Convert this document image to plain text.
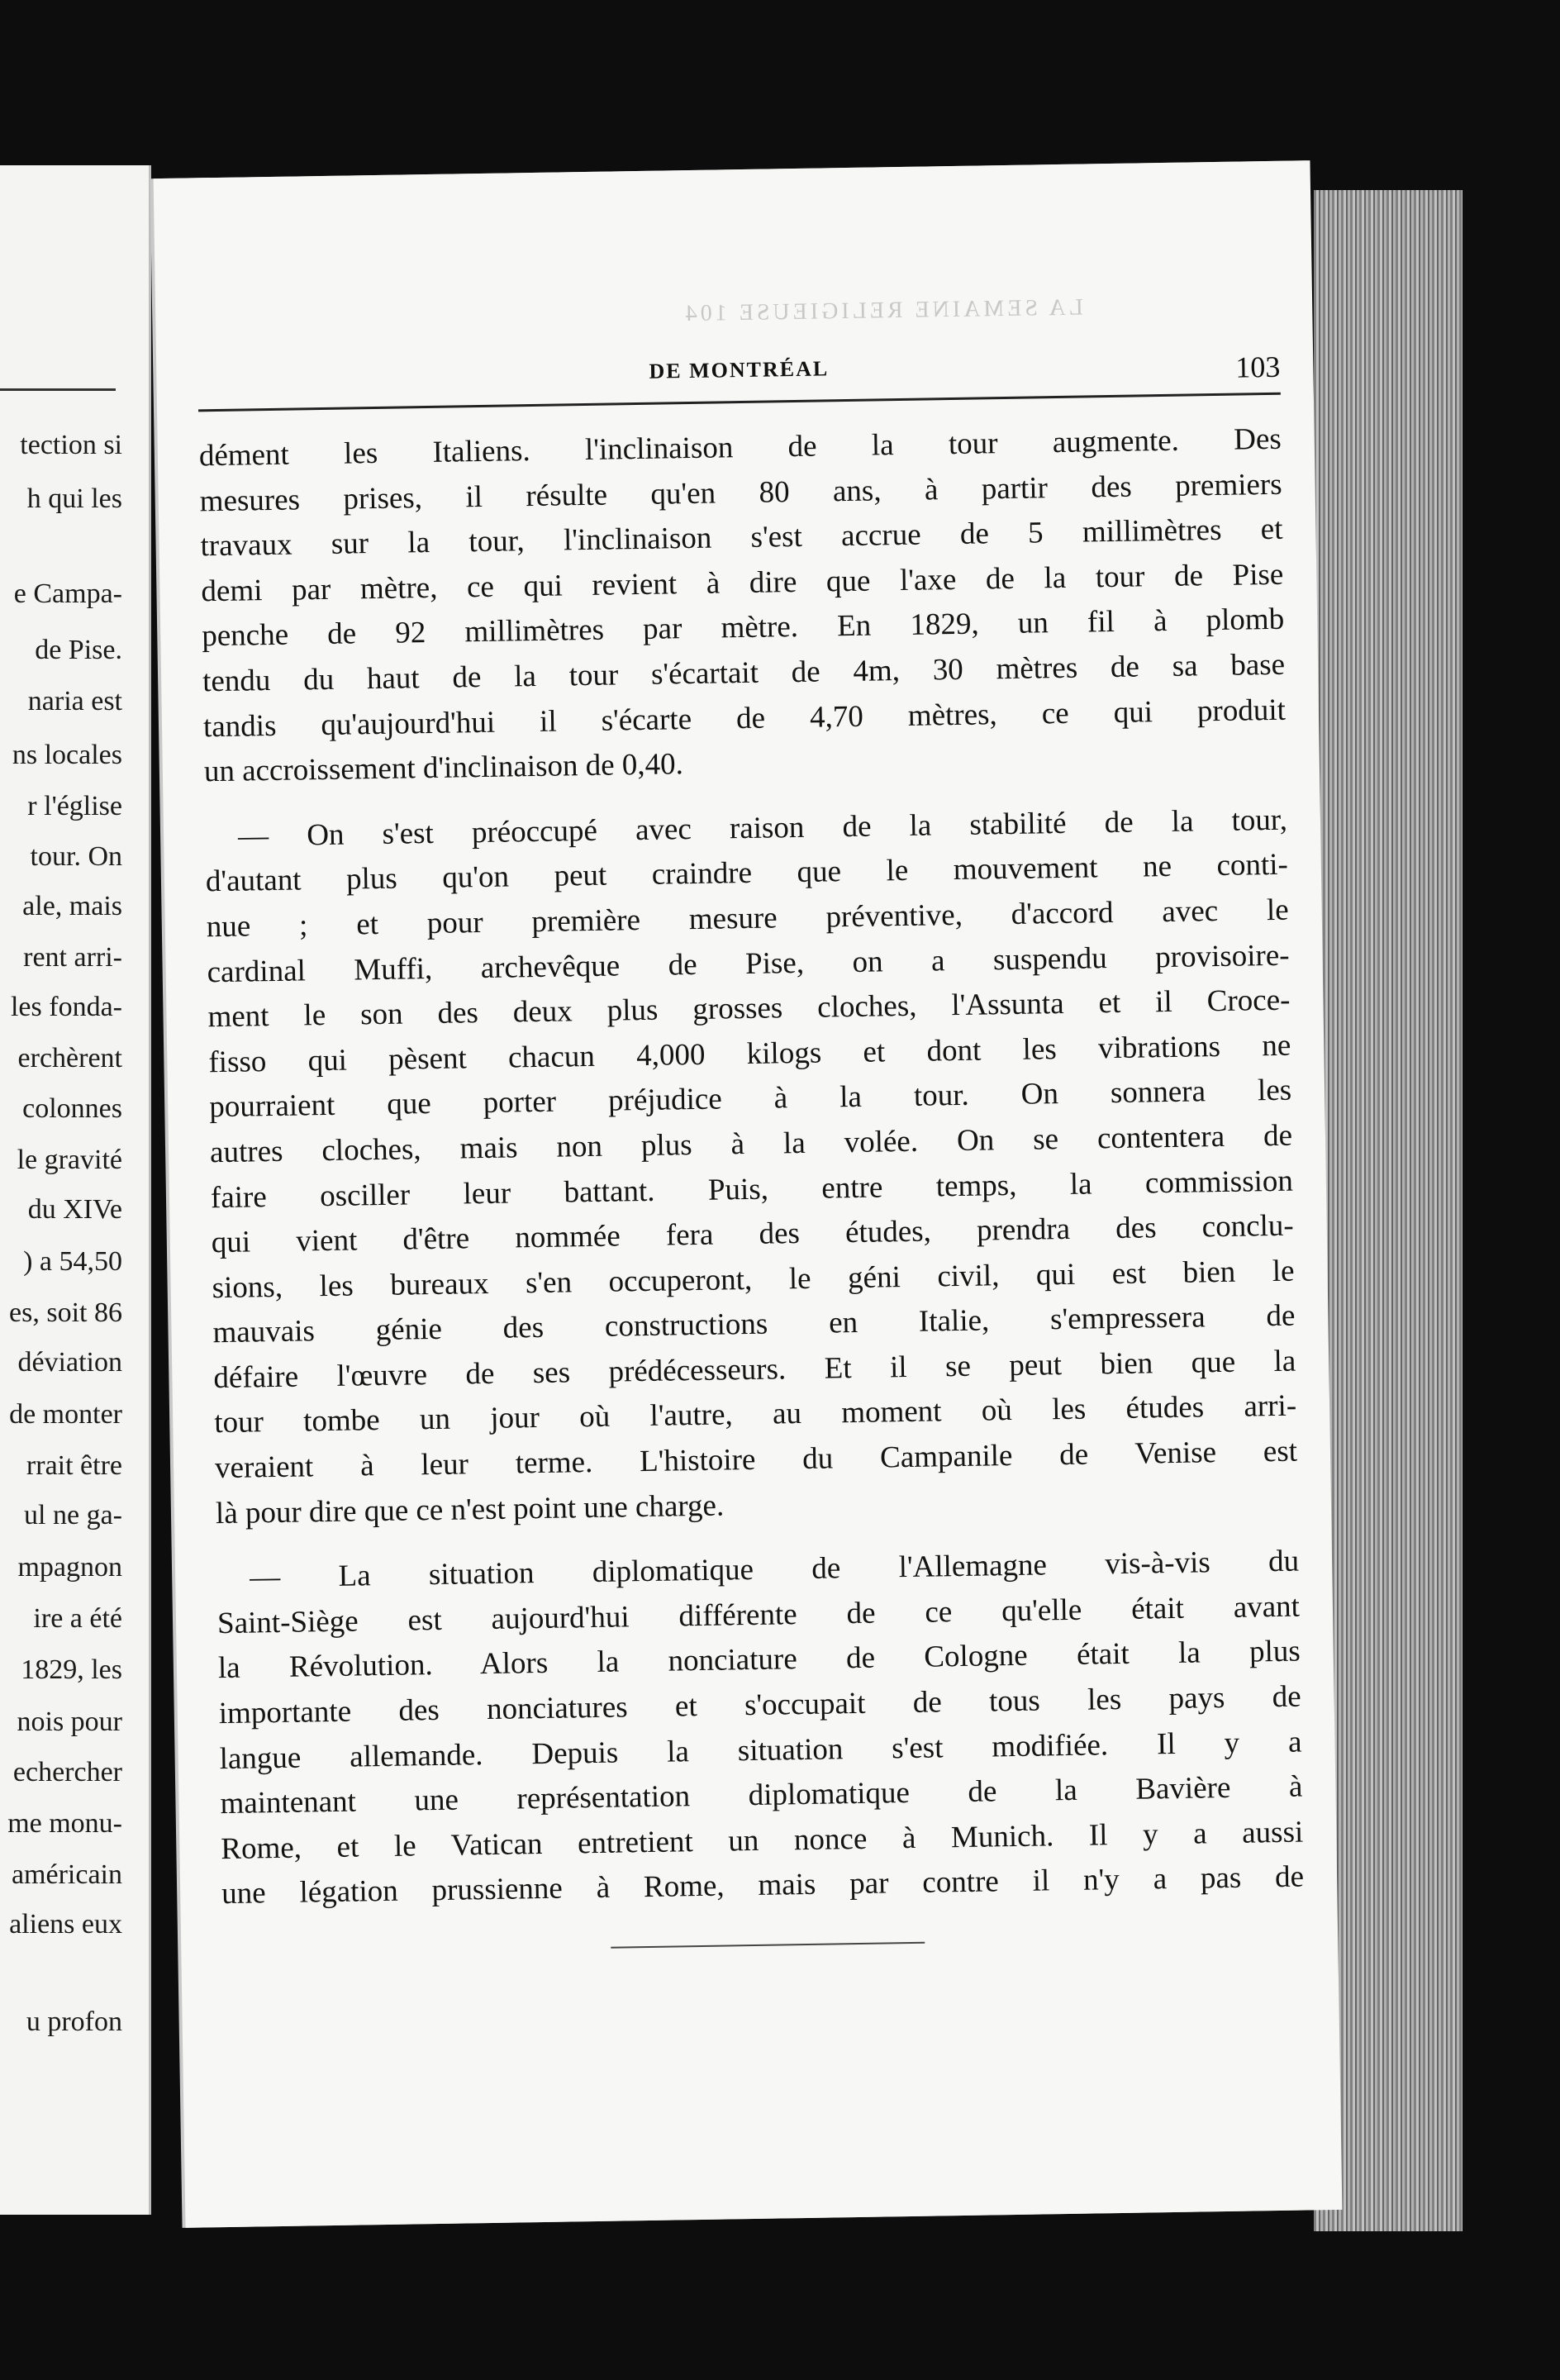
tection si
h qui les
e Campa-
de Pise.
naria est
ns locales
r l'église
tour. On
ale, mais
rent arri-
les fonda-
erchèrent
colonnes
le gravité
du XIVe
) a 54,50
es, soit 86
déviation
de monter
rrait être
ul ne ga-
mpagnon
ire a été
1829, les
nois pour
echercher
me monu-
américain
aliens eux
u profon
LA SEMAINE RELIGIEUSE 104
DE MONTRÉAL	103
dément les Italiens. l'inclinaison de la tour augmente. Des
mesures prises, il résulte qu'en 80 ans, à partir des premiers
travaux sur la tour, l'inclinaison s'est accrue de 5 millimètres et
demi par mètre, ce qui revient à dire que l'axe de la tour de Pise
penche de 92 millimètres par mètre. En 1829, un fil à plomb
tendu du haut de la tour s'écartait de 4m, 30 mètres de sa base
tandis qu'aujourd'hui il s'écarte de 4,70 mètres, ce qui produit
un accroissement d'inclinaison de 0,40.
— On s'est préoccupé avec raison de la stabilité de la tour,
d'autant plus qu'on peut craindre que le mouvement ne conti-
nue ; et pour première mesure préventive, d'accord avec le
cardinal Muffi, archevêque de Pise, on a suspendu provisoire-
ment le son des deux plus grosses cloches, l'Assunta et il Croce-
fisso qui pèsent chacun 4,000 kilogs et dont les vibrations ne
pourraient que porter préjudice à la tour. On sonnera les
autres cloches, mais non plus à la volée. On se contentera de
faire osciller leur battant. Puis, entre temps, la commission
qui vient d'être nommée fera des études, prendra des conclu-
sions, les bureaux s'en occuperont, le géni civil, qui est bien le
mauvais génie des constructions en Italie, s'empressera de
défaire l'œuvre de ses prédécesseurs. Et il se peut bien que la
tour tombe un jour où l'autre, au moment où les études arri-
veraient à leur terme. L'histoire du Campanile de Venise est
là pour dire que ce n'est point une charge.
— La situation diplomatique de l'Allemagne vis-à-vis du
Saint-Siège est aujourd'hui différente de ce qu'elle était avant
la Révolution. Alors la nonciature de Cologne était la plus
importante des nonciatures et s'occupait de tous les pays de
langue allemande. Depuis la situation s'est modifiée. Il y a
maintenant une représentation diplomatique de la Bavière à
Rome, et le Vatican entretient un nonce à Munich. Il y a aussi
une légation prussienne à Rome, mais par contre il n'y a pas de
